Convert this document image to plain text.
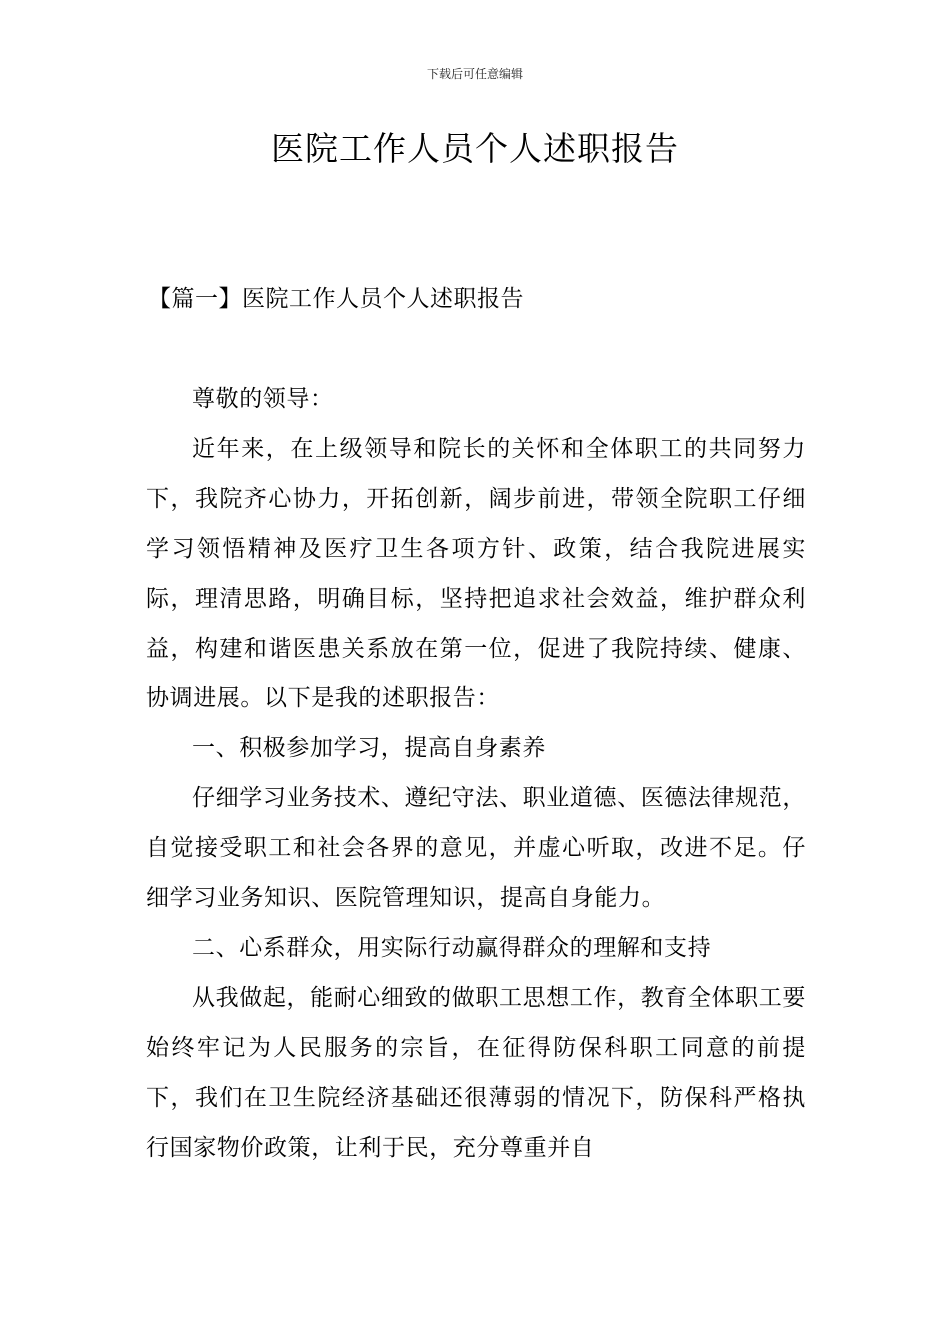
下载后可任意编辑
医院工作人员个人述职报告
【篇一】医院工作人员个人述职报告

尊敬的领导：

近年来，在上级领导和院长的关怀和全体职工的共同努力下，我院齐心协力，开拓创新，阔步前进，带领全院职工仔细学习领悟精神及医疗卫生各项方针、政策，结合我院进展实际，理清思路，明确目标，坚持把追求社会效益，维护群众利益，构建和谐医患关系放在第一位，促进了我院持续、健康、协调进展。以下是我的述职报告：

一、积极参加学习，提高自身素养

仔细学习业务技术、遵纪守法、职业道德、医德法律规范，自觉接受职工和社会各界的意见，并虚心听取，改进不足。仔细学习业务知识、医院管理知识，提高自身能力。

二、心系群众，用实际行动赢得群众的理解和支持

从我做起，能耐心细致的做职工思想工作，教育全体职工要始终牢记为人民服务的宗旨，在征得防保科职工同意的前提下，我们在卫生院经济基础还很薄弱的情况下，防保科严格执行国家物价政策，让利于民，充分尊重并自
